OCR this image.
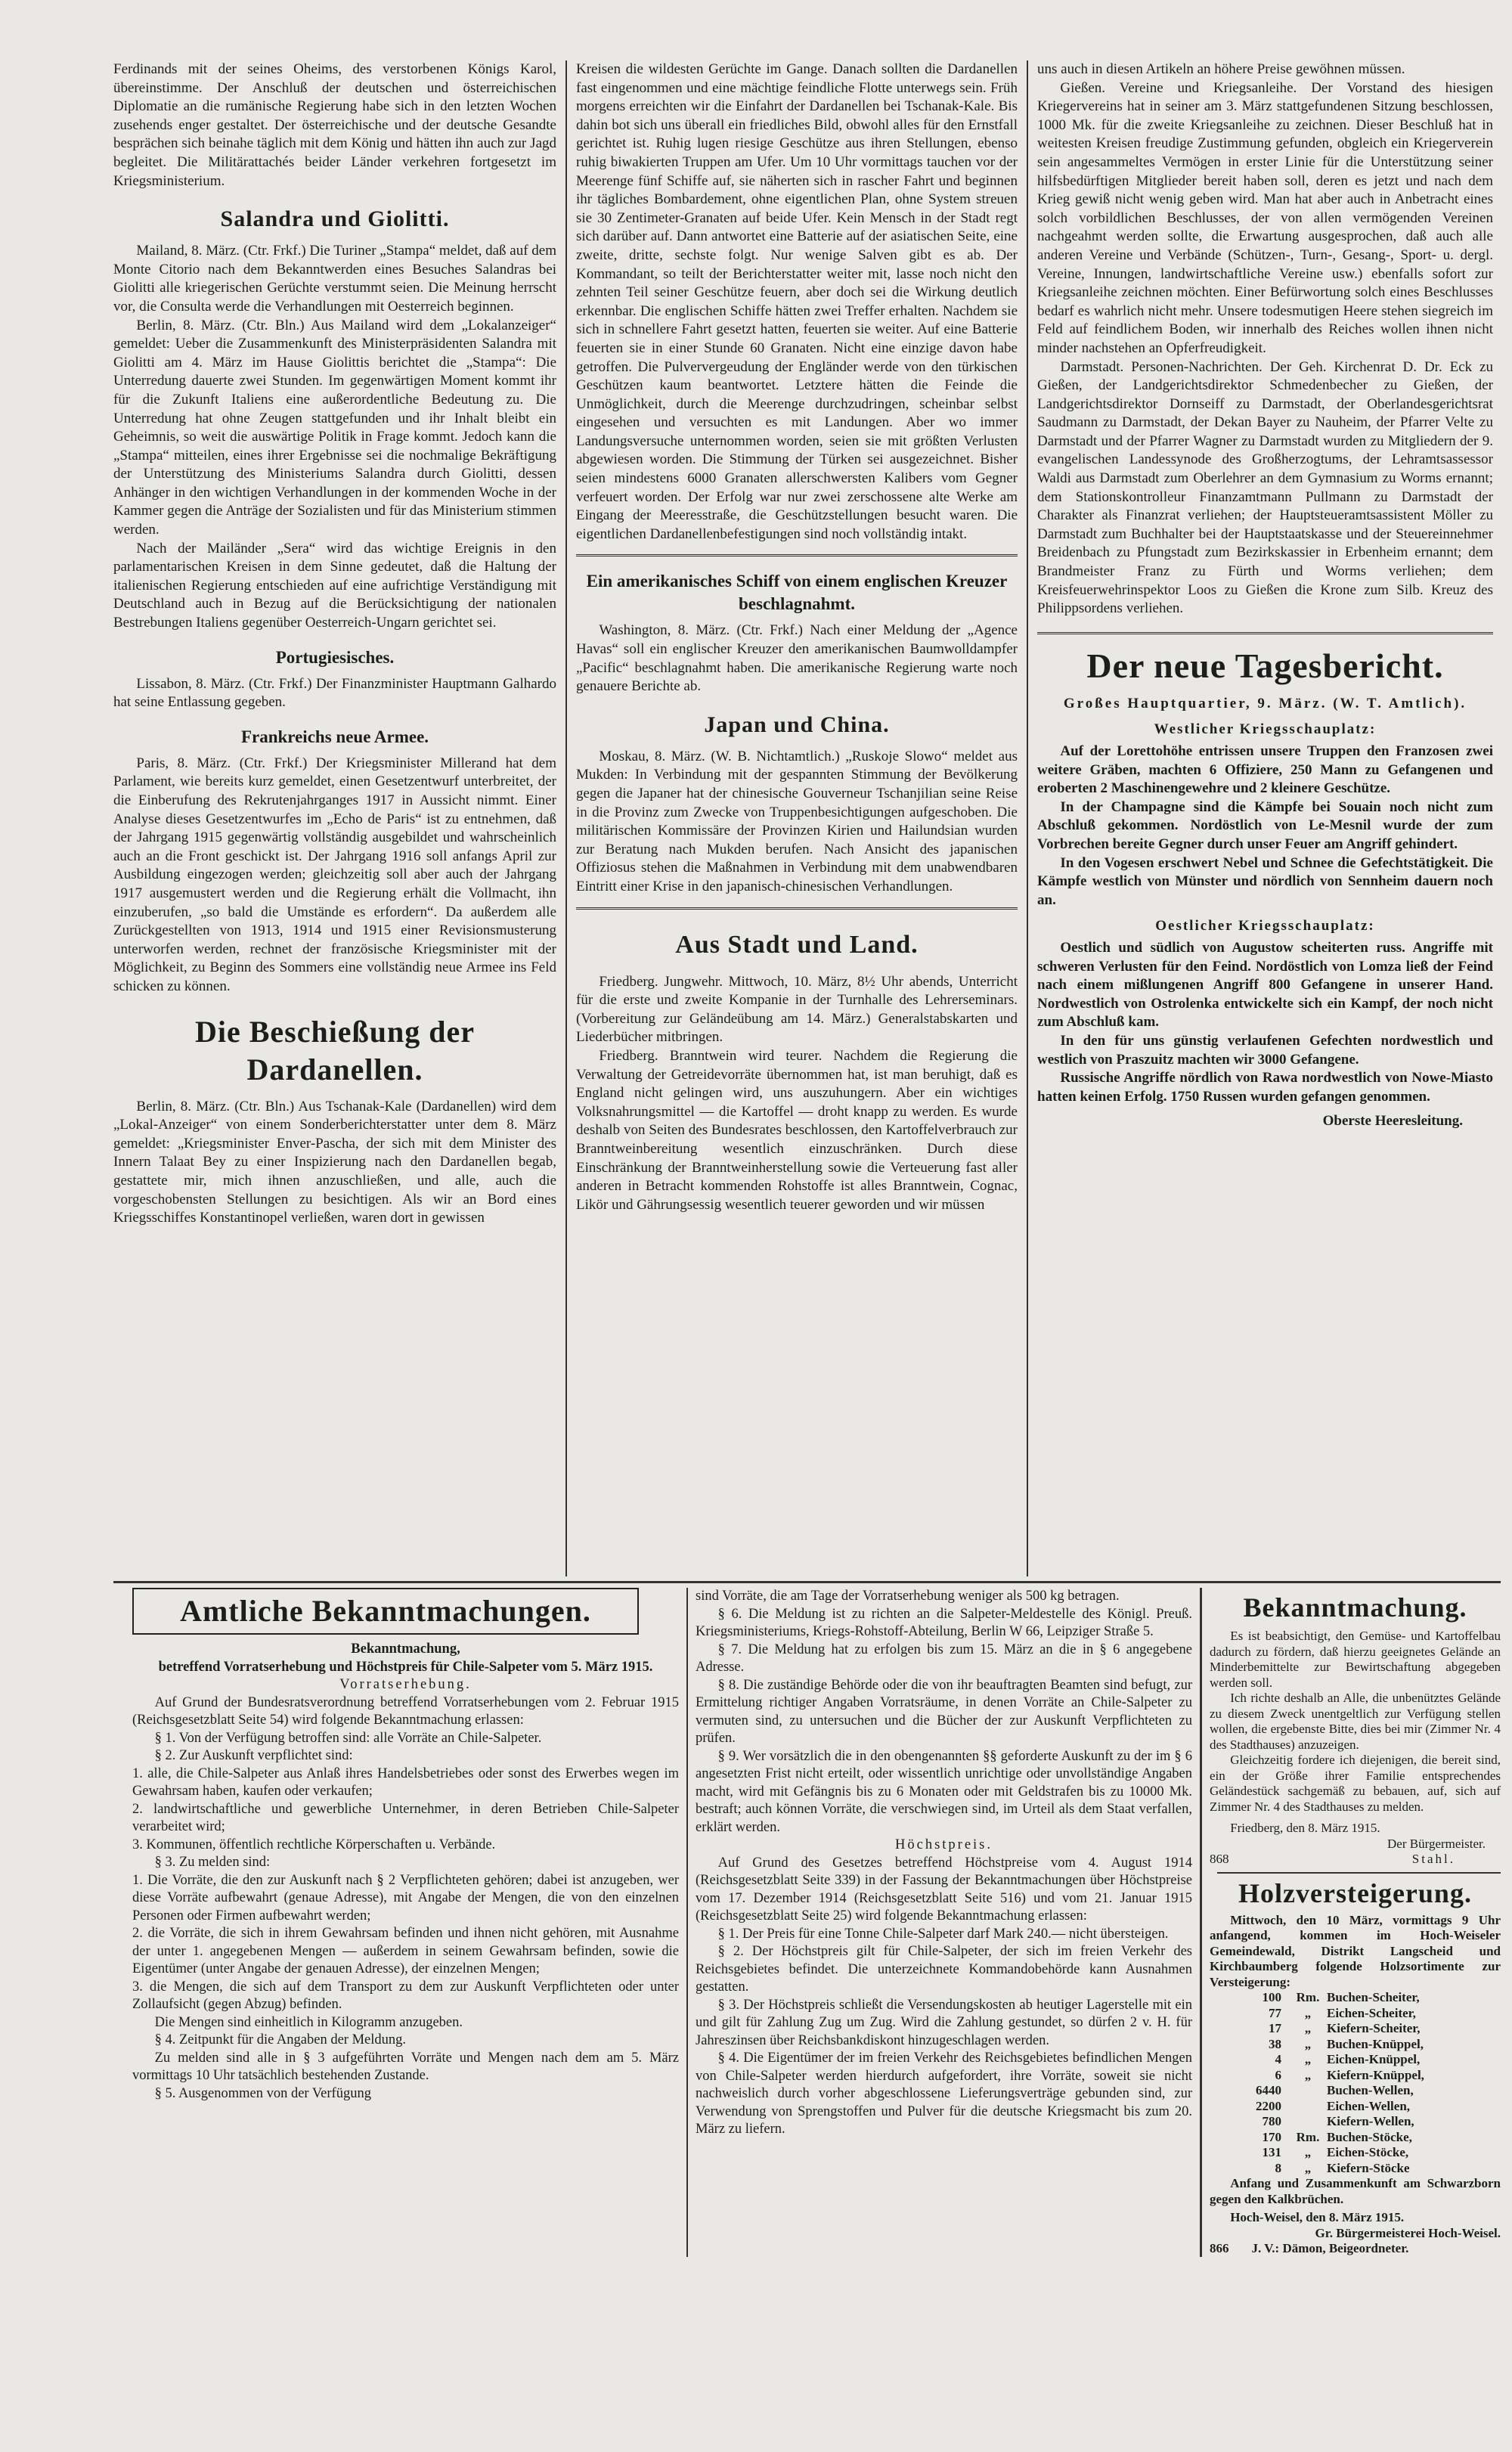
Ferdinands mit der seines Oheims, des verstorbenen Königs Karol, übereinstimme. Der Anschluß der deutschen und österreichischen Diplomatie an die rumänische Regierung habe sich in den letzten Wochen zusehends enger gestaltet. Der österreichische und der deutsche Gesandte besprächen sich beinahe täglich mit dem König und hätten ihn auch zur Jagd begleitet. Die Militärattachés beider Länder verkehren fortgesetzt im Kriegsministerium.

Salandra und Giolitti.

Mailand, 8. März. (Ctr. Frkf.) Die Turiner „Stampa“ meldet, daß auf dem Monte Citorio nach dem Bekanntwerden eines Besuches Salandras bei Giolitti alle kriegerischen Gerüchte verstummt seien. Die Meinung herrscht vor, die Consulta werde die Verhandlungen mit Oesterreich beginnen.

Berlin, 8. März. (Ctr. Bln.) Aus Mailand wird dem „Lokalanzeiger“ gemeldet: Ueber die Zusammenkunft des Ministerpräsidenten Salandra mit Giolitti am 4. März im Hause Giolittis berichtet die „Stampa“: Die Unterredung dauerte zwei Stunden. Im gegenwärtigen Moment kommt ihr für die Zukunft Italiens eine außerordentliche Bedeutung zu. Die Unterredung hat ohne Zeugen stattgefunden und ihr Inhalt bleibt ein Geheimnis, so weit die auswärtige Politik in Frage kommt. Jedoch kann die „Stampa“ mitteilen, eines ihrer Ergebnisse sei die nochmalige Bekräftigung der Unterstützung des Ministeriums Salandra durch Giolitti, dessen Anhänger in den wichtigen Verhandlungen in der kommenden Woche in der Kammer gegen die Anträge der Sozialisten und für das Ministerium stimmen werden.

Nach der Mailänder „Sera“ wird das wichtige Ereignis in den parlamentarischen Kreisen in dem Sinne gedeutet, daß die Haltung der italienischen Regierung entschieden auf eine aufrichtige Verständigung mit Deutschland auch in Bezug auf die Berücksichtigung der nationalen Bestrebungen Italiens gegenüber Oesterreich-Ungarn gerichtet sei.

Portugiesisches.

Lissabon, 8. März. (Ctr. Frkf.) Der Finanzminister Hauptmann Galhardo hat seine Entlassung gegeben.

Frankreichs neue Armee.

Paris, 8. März. (Ctr. Frkf.) Der Kriegsminister Millerand hat dem Parlament, wie bereits kurz gemeldet, einen Gesetzentwurf unterbreitet, der die Einberufung des Rekrutenjahrganges 1917 in Aussicht nimmt. Einer Analyse dieses Gesetzentwurfes im „Echo de Paris“ ist zu entnehmen, daß der Jahrgang 1915 gegenwärtig vollständig ausgebildet und wahrscheinlich auch an die Front geschickt ist. Der Jahrgang 1916 soll anfangs April zur Ausbildung eingezogen werden; gleichzeitig soll aber auch der Jahrgang 1917 ausgemustert werden und die Regierung erhält die Vollmacht, ihn einzuberufen, „so bald die Umstände es erfordern“. Da außerdem alle Zurückgestellten von 1913, 1914 und 1915 einer Revisionsmusterung unterworfen werden, rechnet der französische Kriegsminister mit der Möglichkeit, zu Beginn des Sommers eine vollständig neue Armee ins Feld schicken zu können.

Die Beschießung der Dardanellen.

Berlin, 8. März. (Ctr. Bln.) Aus Tschanak-Kale (Dardanellen) wird dem „Lokal-Anzeiger“ von einem Sonderberichterstatter unter dem 8. März gemeldet: „Kriegsminister Enver-Pascha, der sich mit dem Minister des Innern Talaat Bey zu einer Inspizierung nach den Dardanellen begab, gestattete mir, mich ihnen anzuschließen, und alle, auch die vorgeschobensten Stellungen zu besichtigen. Als wir an Bord eines Kriegsschiffes Konstantinopel verließen, waren dort in gewissen

Kreisen die wildesten Gerüchte im Gange. Danach sollten die Dardanellen fast eingenommen und eine mächtige feindliche Flotte unterwegs sein. Früh morgens erreichten wir die Einfahrt der Dardanellen bei Tschanak-Kale. Bis dahin bot sich uns überall ein friedliches Bild, obwohl alles für den Ernstfall gerichtet ist. Ruhig lugen riesige Geschütze aus ihren Stellungen, ebenso ruhig biwakierten Truppen am Ufer. Um 10 Uhr vormittags tauchen vor der Meerenge fünf Schiffe auf, sie näherten sich in rascher Fahrt und beginnen ihr tägliches Bombardement, ohne eigentlichen Plan, ohne System streuen sie 30 Zentimeter-Granaten auf beide Ufer. Kein Mensch in der Stadt regt sich darüber auf. Dann antwortet eine Batterie auf der asiatischen Seite, eine zweite, dritte, sechste folgt. Nur wenige Salven gibt es ab. Der Kommandant, so teilt der Berichterstatter weiter mit, lasse noch nicht den zehnten Teil seiner Geschütze feuern, aber doch sei die Wirkung deutlich erkennbar. Die englischen Schiffe hätten zwei Treffer erhalten. Nachdem sie sich in schnellere Fahrt gesetzt hatten, feuerten sie weiter. Auf eine Batterie feuerten sie in einer Stunde 60 Granaten. Nicht eine einzige davon habe getroffen. Die Pulververgeudung der Engländer werde von den türkischen Geschützen kaum beantwortet. Letztere hätten die Feinde die Unmöglichkeit, durch die Meerenge durchzudringen, scheinbar selbst eingesehen und versuchten es mit Landungen. Aber wo immer Landungsversuche unternommen worden, seien sie mit größten Verlusten abgewiesen worden. Die Stimmung der Türken sei ausgezeichnet. Bisher seien mindestens 6000 Granaten allerschwersten Kalibers vom Gegner verfeuert worden. Der Erfolg war nur zwei zerschossene alte Werke am Eingang der Meeresstraße, die Geschützstellungen besucht waren. Die eigentlichen Dardanellenbefestigungen sind noch vollständig intakt.

Ein amerikanisches Schiff von einem englischen Kreuzer beschlagnahmt.

Washington, 8. März. (Ctr. Frkf.) Nach einer Meldung der „Agence Havas“ soll ein englischer Kreuzer den amerikanischen Baumwolldampfer „Pacific“ beschlagnahmt haben. Die amerikanische Regierung warte noch genauere Berichte ab.

Japan und China.

Moskau, 8. März. (W. B. Nichtamtlich.) „Ruskoje Slowo“ meldet aus Mukden: In Verbindung mit der gespannten Stimmung der Bevölkerung gegen die Japaner hat der chinesische Gouverneur Tschanjilian seine Reise in die Provinz zum Zwecke von Truppenbesichtigungen aufgeschoben. Die militärischen Kommissäre der Provinzen Kirien und Hailundsian wurden zur Beratung nach Mukden berufen. Nach Ansicht des japanischen Offiziosus stehen die Maßnahmen in Verbindung mit dem unabwendbaren Eintritt einer Krise in den japanisch-chinesischen Verhandlungen.

Aus Stadt und Land.

Friedberg. Jungwehr. Mittwoch, 10. März, 8½ Uhr abends, Unterricht für die erste und zweite Kompanie in der Turnhalle des Lehrerseminars. (Vorbereitung zur Geländeübung am 14. März.) Generalstabskarten und Liederbücher mitbringen.

Friedberg. Branntwein wird teurer. Nachdem die Regierung die Verwaltung der Getreidevorräte übernommen hat, ist man beruhigt, daß es England nicht gelingen wird, uns auszuhungern. Aber ein wichtiges Volksnahrungsmittel — die Kartoffel — droht knapp zu werden. Es wurde deshalb von Seiten des Bundesrates beschlossen, den Kartoffelverbrauch zur Branntweinbereitung wesentlich einzuschränken. Durch diese Einschränkung der Branntweinherstellung sowie die Verteuerung fast aller anderen in Betracht kommenden Rohstoffe ist alles Branntwein, Cognac, Likör und Gährungsessig wesentlich teuerer geworden und wir müssen

uns auch in diesen Artikeln an höhere Preise gewöhnen müssen.

Gießen. Vereine und Kriegsanleihe. Der Vorstand des hiesigen Kriegervereins hat in seiner am 3. März stattgefundenen Sitzung beschlossen, 1000 Mk. für die zweite Kriegsanleihe zu zeichnen. Dieser Beschluß hat in weitesten Kreisen freudige Zustimmung gefunden, obgleich ein Kriegerverein sein angesammeltes Vermögen in erster Linie für die Unterstützung seiner hilfsbedürftigen Mitglieder bereit haben soll, deren es jetzt und nach dem Krieg gewiß nicht wenig geben wird. Man hat aber auch in Anbetracht eines solch vorbildlichen Beschlusses, der von allen vermögenden Vereinen nachgeahmt werden sollte, die Erwartung ausgesprochen, daß auch alle anderen Vereine und Verbände (Schützen-, Turn-, Gesang-, Sport- u. dergl. Vereine, Innungen, landwirtschaftliche Vereine usw.) ebenfalls sofort zur Kriegsanleihe zeichnen möchten. Einer Befürwortung solch eines Beschlusses bedarf es wahrlich nicht mehr. Unsere todesmutigen Heere stehen siegreich im Feld auf feindlichem Boden, wir innerhalb des Reiches wollen ihnen nicht minder nachstehen an Opferfreudigkeit.

Darmstadt. Personen-Nachrichten. Der Geh. Kirchenrat D. Dr. Eck zu Gießen, der Landgerichtsdirektor Schmedenbecher zu Gießen, der Landgerichtsdirektor Dornseiff zu Darmstadt, der Oberlandesgerichtsrat Saudmann zu Darmstadt, der Dekan Bayer zu Nauheim, der Pfarrer Velte zu Darmstadt und der Pfarrer Wagner zu Darmstadt wurden zu Mitgliedern der 9. evangelischen Landessynode des Großherzogtums, der Lehramtsassessor Waldi aus Darmstadt zum Oberlehrer an dem Gymnasium zu Worms ernannt; dem Stationskontrolleur Finanzamtmann Pullmann zu Darmstadt der Charakter als Finanzrat verliehen; der Hauptsteueramtsassistent Möller zu Darmstadt zum Buchhalter bei der Hauptstaatskasse und der Steuereinnehmer Breidenbach zu Pfungstadt zum Bezirkskassier in Erbenheim ernannt; dem Brandmeister Franz zu Fürth und Worms verliehen; dem Kreisfeuerwehrinspektor Loos zu Gießen die Krone zum Silb. Kreuz des Philippsordens verliehen.

Der neue Tagesbericht.

Großes Hauptquartier, 9. März. (W. T. Amtlich).

Westlicher Kriegsschauplatz:

Auf der Lorettohöhe entrissen unsere Truppen den Franzosen zwei weitere Gräben, machten 6 Offiziere, 250 Mann zu Gefangenen und eroberten 2 Maschinengewehre und 2 kleinere Geschütze.

In der Champagne sind die Kämpfe bei Souain noch nicht zum Abschluß gekommen. Nordöstlich von Le-Mesnil wurde der zum Vorbrechen bereite Gegner durch unser Feuer am Angriff gehindert.

In den Vogesen erschwert Nebel und Schnee die Gefechtstätigkeit. Die Kämpfe westlich von Münster und nördlich von Sennheim dauern noch an.

Oestlicher Kriegsschauplatz:

Oestlich und südlich von Augustow scheiterten russ. Angriffe mit schweren Verlusten für den Feind. Nordöstlich von Lomza ließ der Feind nach einem mißlungenen Angriff 800 Gefangene in unserer Hand. Nordwestlich von Ostrolenka entwickelte sich ein Kampf, der noch nicht zum Abschluß kam.

In den für uns günstig verlaufenen Gefechten nordwestlich und westlich von Praszuitz machten wir 3000 Gefangene.

Russische Angriffe nördlich von Rawa nordwestlich von Nowe-Miasto hatten keinen Erfolg. 1750 Russen wurden gefangen genommen.

Oberste Heeresleitung.

Amtliche Bekanntmachungen.

Bekanntmachung,

betreffend Vorratserhebung und Höchstpreis für Chile-Salpeter vom 5. März 1915.

Vorratserhebung.

Auf Grund der Bundesratsverordnung betreffend Vorratserhebungen vom 2. Februar 1915 (Reichsgesetzblatt Seite 54) wird folgende Bekanntmachung erlassen:

§ 1. Von der Verfügung betroffen sind: alle Vorräte an Chile-Salpeter.

§ 2. Zur Auskunft verpflichtet sind:

1. alle, die Chile-Salpeter aus Anlaß ihres Handelsbetriebes oder sonst des Erwerbes wegen im Gewahrsam haben, kaufen oder verkaufen;

2. landwirtschaftliche und gewerbliche Unternehmer, in deren Betrieben Chile-Salpeter verarbeitet wird;

3. Kommunen, öffentlich rechtliche Körperschaften u. Verbände.

§ 3. Zu melden sind:

1. Die Vorräte, die den zur Auskunft nach § 2 Verpflichteten gehören; dabei ist anzugeben, wer diese Vorräte aufbewahrt (genaue Adresse), mit Angabe der Mengen, die von den einzelnen Personen oder Firmen aufbewahrt werden;

2. die Vorräte, die sich in ihrem Gewahrsam befinden und ihnen nicht gehören, mit Ausnahme der unter 1. angegebenen Mengen — außerdem in seinem Gewahrsam befinden, sowie die Eigentümer (unter Angabe der genauen Adresse), der einzelnen Mengen;

3. die Mengen, die sich auf dem Transport zu dem zur Auskunft Verpflichteten oder unter Zollaufsicht (gegen Abzug) befinden.

Die Mengen sind einheitlich in Kilogramm anzugeben.

§ 4. Zeitpunkt für die Angaben der Meldung.

Zu melden sind alle in § 3 aufgeführten Vorräte und Mengen nach dem am 5. März vormittags 10 Uhr tatsächlich bestehenden Zustande.

§ 5. Ausgenommen von der Verfügung

sind Vorräte, die am Tage der Vorratserhebung weniger als 500 kg betragen.

§ 6. Die Meldung ist zu richten an die Salpeter-Meldestelle des Königl. Preuß. Kriegsministeriums, Kriegs-Rohstoff-Abteilung, Berlin W 66, Leipziger Straße 5.

§ 7. Die Meldung hat zu erfolgen bis zum 15. März an die in § 6 angegebene Adresse.

§ 8. Die zuständige Behörde oder die von ihr beauftragten Beamten sind befugt, zur Ermittelung richtiger Angaben Vorratsräume, in denen Vorräte an Chile-Salpeter zu vermuten sind, zu untersuchen und die Bücher der zur Auskunft Verpflichteten zu prüfen.

§ 9. Wer vorsätzlich die in den obengenannten §§ geforderte Auskunft zu der im § 6 angesetzten Frist nicht erteilt, oder wissentlich unrichtige oder unvollständige Angaben macht, wird mit Gefängnis bis zu 6 Monaten oder mit Geldstrafen bis zu 10000 Mk. bestraft; auch können Vorräte, die verschwiegen sind, im Urteil als dem Staat verfallen, erklärt werden.

Höchstpreis.

Auf Grund des Gesetzes betreffend Höchstpreise vom 4. August 1914 (Reichsgesetzblatt Seite 339) in der Fassung der Bekanntmachungen über Höchstpreise vom 17. Dezember 1914 (Reichsgesetzblatt Seite 516) und vom 21. Januar 1915 (Reichsgesetzblatt Seite 25) wird folgende Bekanntmachung erlassen:

§ 1. Der Preis für eine Tonne Chile-Salpeter darf Mark 240.— nicht übersteigen.

§ 2. Der Höchstpreis gilt für Chile-Salpeter, der sich im freien Verkehr des Reichsgebietes befindet. Die unterzeichnete Kommandobehörde kann Ausnahmen gestatten.

§ 3. Der Höchstpreis schließt die Versendungskosten ab heutiger Lagerstelle mit ein und gilt für Zahlung Zug um Zug. Wird die Zahlung gestundet, so dürfen 2 v. H. für Jahreszinsen über Reichsbankdiskont hinzugeschlagen werden.

§ 4. Die Eigentümer der im freien Verkehr des Reichsgebietes befindlichen Mengen von Chile-Salpeter werden hierdurch aufgefordert, ihre Vorräte, soweit sie nicht nachweislich durch vorher abgeschlossene Lieferungsverträge gebunden sind, zur Verwendung von Sprengstoffen und Pulver für die deutsche Kriegsmacht bis zum 20. März zu liefern.

Bekanntmachung.

Es ist beabsichtigt, den Gemüse- und Kartoffelbau dadurch zu fördern, daß hierzu geeignetes Gelände an Minderbemittelte zur Bewirtschaftung abgegeben werden soll.

Ich richte deshalb an Alle, die unbenütztes Gelände zu diesem Zweck unentgeltlich zur Verfügung stellen wollen, die ergebenste Bitte, dies bei mir (Zimmer Nr. 4 des Stadthauses) anzuzeigen.

Gleichzeitig fordere ich diejenigen, die bereit sind, ein der Größe ihrer Familie entsprechendes Geländestück sachgemäß zu bebauen, auf, sich auf Zimmer Nr. 4 des Stadthauses zu melden.

Friedberg, den 8. März 1915.

Der Bürgermeister.

868	Stahl.
Holzversteigerung.

Mittwoch, den 10 März, vormittags 9 Uhr anfangend, kommen im Hoch-Weiseler Gemeindewald, Distrikt Langscheid und Kirchbaumberg folgende Holzsortimente zur Versteigerung:

100	Rm. Buchen-Scheiter,
77	„	Eichen-Scheiter,
17	„	Kiefern-Scheiter,
38	„	Buchen-Knüppel,
4	„	Eichen-Knüppel,
6	„	Kiefern-Knüppel,
6440	Buchen-Wellen,
2200	Eichen-Wellen,
780	Kiefern-Wellen,
170	Rm. Buchen-Stöcke,
131	„	Eichen-Stöcke,
8	„	Kiefern-Stöcke

Anfang und Zusammenkunft am Schwarzborn gegen den Kalkbrüchen.

Hoch-Weisel, den 8. März 1915.

Gr. Bürgermeisterei Hoch-Weisel.

866 J. V.: Dämon, Beigeordneter.
